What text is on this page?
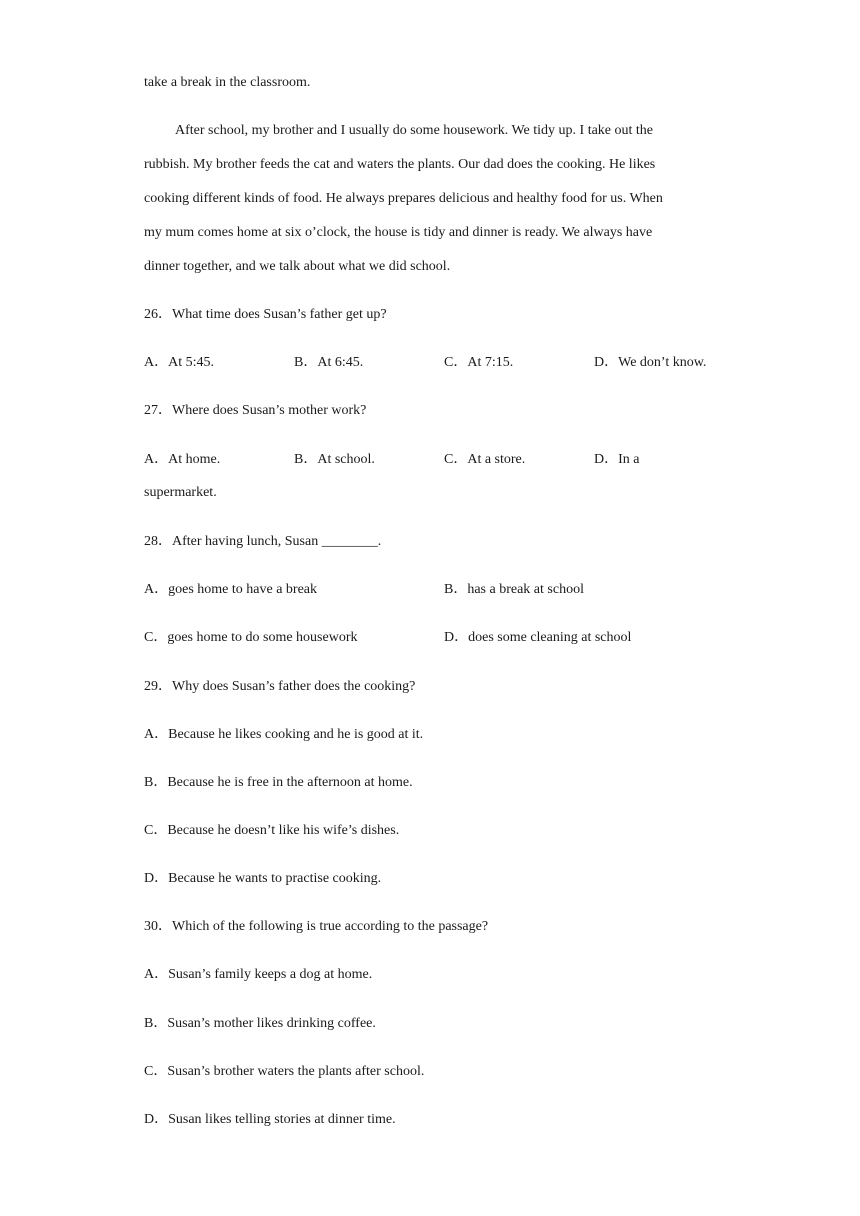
take a break in the classroom.
After school, my brother and I usually do some housework. We tidy up. I take out the
rubbish. My brother feeds the cat and waters the plants. Our dad does the cooking. He likes
cooking different kinds of food. He always prepares delicious and healthy food for us. When
my mum comes home at six o’clock, the house is tidy and dinner is ready. We always have
dinner together, and we talk about what we did school.
26．What time does Susan’s father get up?
A．At 5:45.	B．At 6:45.	C．At 7:15.	D．We don’t know.
27．Where does Susan’s mother work?
A．At home.	B．At school.	C．At a store.	D．In a
supermarket.
28．After having lunch, Susan ________.
A．goes home to have a break	B．has a break at school
C．goes home to do some housework	D．does some cleaning at school
29．Why does Susan’s father does the cooking?
A．Because he likes cooking and he is good at it.
B．Because he is free in the afternoon at home.
C．Because he doesn’t like his wife’s dishes.
D．Because he wants to practise cooking.
30．Which of the following is true according to the passage?
A．Susan’s family keeps a dog at home.
B．Susan’s mother likes drinking coffee.
C．Susan’s brother waters the plants after school.
D．Susan likes telling stories at dinner time.
